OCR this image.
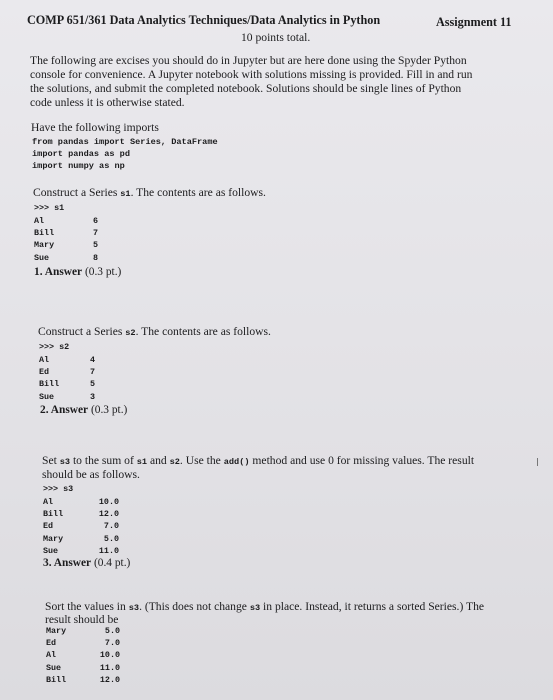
COMP 651/361 Data Analytics Techniques/Data Analytics in Python	Assignment 11
10 points total.
The following are excises you should do in Jupyter but are here done using the Spyder Python
console for convenience. A Jupyter notebook with solutions missing is provided. Fill in and run
the solutions, and submit the completed notebook. Solutions should be single lines of Python
code unless it is otherwise stated.
Have the following imports
from pandas import Series, DataFrame
import pandas as pd
import numpy as np
Construct a Series s1. The contents are as follows.
>>> s1
Al	6
Bill	7
Mary	5
Sue	8
1. Answer (0.3 pt.)
Construct a Series s2. The contents are as follows.
>>> s2
Al	4
Ed	7
Bill	5
Sue	3
2. Answer (0.3 pt.)
Set s3 to the sum of s1 and s2. Use the add() method and use 0 for missing values. The result
should be as follows.
>>> s3
Al	10.0
Bill	12.0
Ed	7.0
Mary	5.0
Sue	11.0
3. Answer (0.4 pt.)
Sort the values in s3. (This does not change s3 in place. Instead, it returns a sorted Series.) The
result should be
Mary	5.0
Ed	7.0
Al	10.0
Sue	11.0
Bill	12.0
